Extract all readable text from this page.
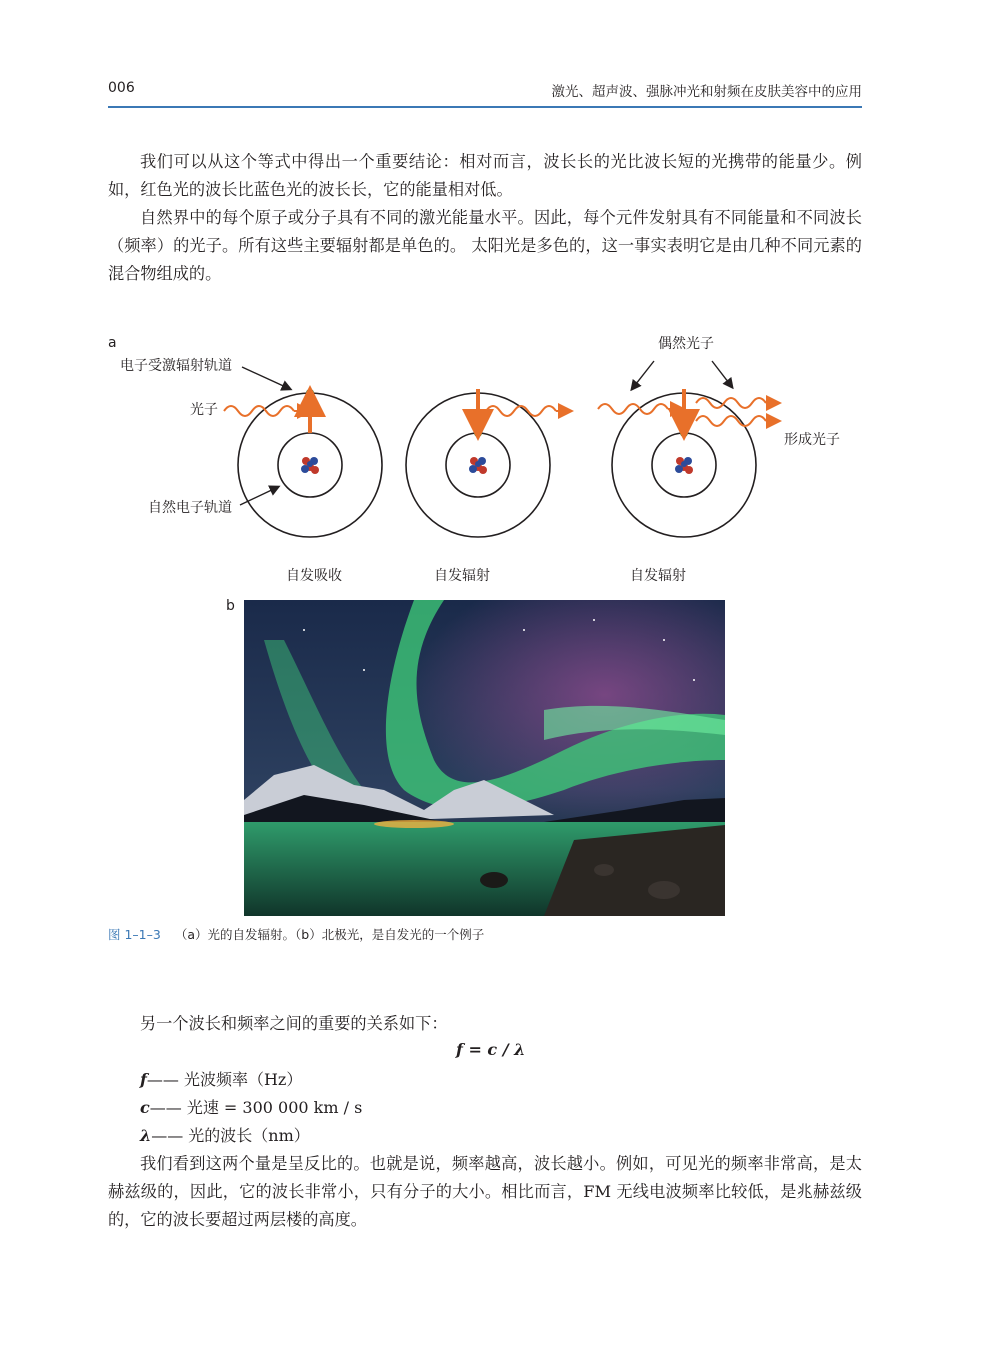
006	激光、超声波、强脉冲光和射频在皮肤美容中的应用

我们可以从这个等式中得出一个重要结论：相对而言，波长长的光比波长短的光携带的能量少。例如，红色光的波长比蓝色光的波长长，它的能量相对低。

自然界中的每个原子或分子具有不同的激光能量水平。因此，每个元件发射具有不同能量和不同波长（频率）的光子。所有这些主要辐射都是单色的。 太阳光是多色的，这一事实表明它是由几种不同元素的混合物组成的。

a
电子受激辐射轨道
光子
自然电子轨道
偶然光子
形成光子
自发吸收	自发辐射	自发辐射
b
图 1–1–3 （a）光的自发辐射。（b）北极光，是自发光的一个例子

另一个波长和频率之间的重要的关系如下：

f = c / λ
f—— 光波频率（Hz）
c—— 光速 = 300 000 km / s
λ—— 光的波长（nm）

我们看到这两个量是呈反比的。也就是说，频率越高，波长越小。例如，可见光的频率非常高，是太赫兹级的，因此，它的波长非常小，只有分子的大小。相比而言，FM 无线电波频率比较低，是兆赫兹级的，它的波长要超过两层楼的高度。
